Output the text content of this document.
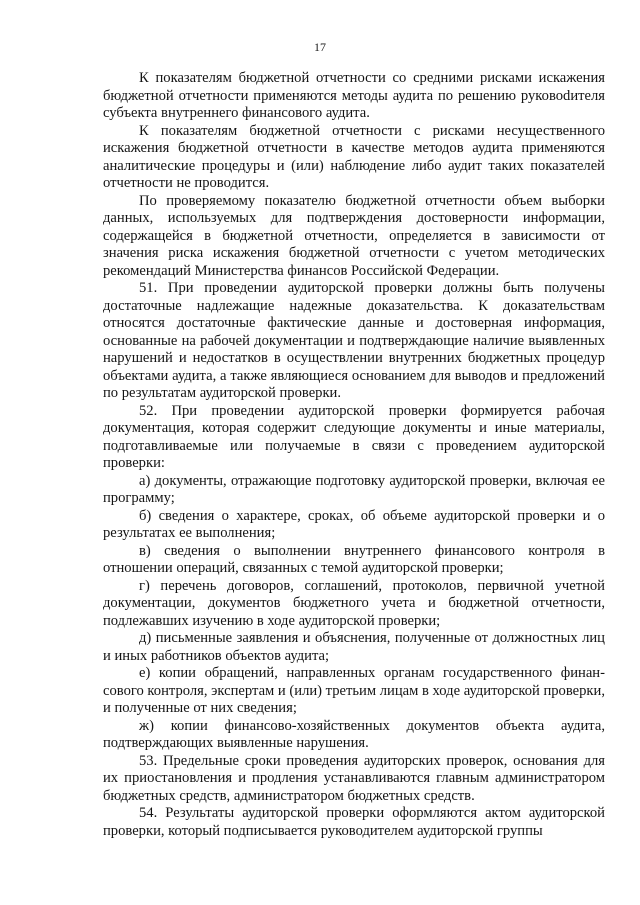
17

К показателям бюджетной отчетности со средними рисками искажения бюджетной отчетности применяются методы аудита по решению руковоdителя субъекта внутреннего финансового аудита.

К показателям бюджетной отчетности с рисками несущественного искажения бюджетной отчетности в качестве методов аудита применяются аналитические процедуры и (или) наблюдение либо аудит таких показателей отчетности не проводится.

По проверяемому показателю бюджетной отчетности объем выборки данных, используемых для подтверждения достоверности информации, содержащейся в бюджетной отчетности, определяется в зависимости от значения риска искажения бюджетной отчетности с учетом методических рекомендаций Министерства финансов Российской Федерации.

51. При проведении аудиторской проверки должны быть получены достаточные надлежащие надежные доказательства. К доказательствам относятся достаточные фактические данные и достоверная информация, основанные на рабочей документации и подтверждающие наличие выявленных нарушений и недостатков в осуществлении внутренних бюджетных процедур объектами аудита, а также являющиеся основанием для выводов и предложений по результатам аудиторской проверки.

52. При проведении аудиторской проверки формируется рабочая документация, которая содержит следующие документы и иные материалы, подготавливаемые или получаемые в связи с проведением аудиторской проверки:

а) документы, отражающие подготовку аудиторской проверки, включая ее программу;

б) сведения о характере, сроках, об объеме аудиторской проверки и о результатах ее выполнения;

в) сведения о выполнении внутреннего финансового контроля в отношении операций, связанных с темой аудиторской проверки;

г) перечень договоров, соглашений, протоколов, первичной учетной документации, документов бюджетного учета и бюджетной отчетности, подлежавших изучению в ходе аудиторской проверки;

д) письменные заявления и объяснения, полученные от должностных лиц и иных работников объектов аудита;

е) копии обращений, направленных органам государственного финансового контроля, экспертам и (или) третьим лицам в ходе аудиторской проверки, и полученные от них сведения;

ж) копии финансово-хозяйственных документов объекта аудита, подтверждающих выявленные нарушения.

53. Предельные сроки проведения аудиторских проверок, основания для их приостановления и продления устанавливаются главным администратором бюджетных средств, администратором бюджетных средств.

54. Результаты аудиторской проверки оформляются актом аудиторской проверки, который подписывается руководителем аудиторской группы
